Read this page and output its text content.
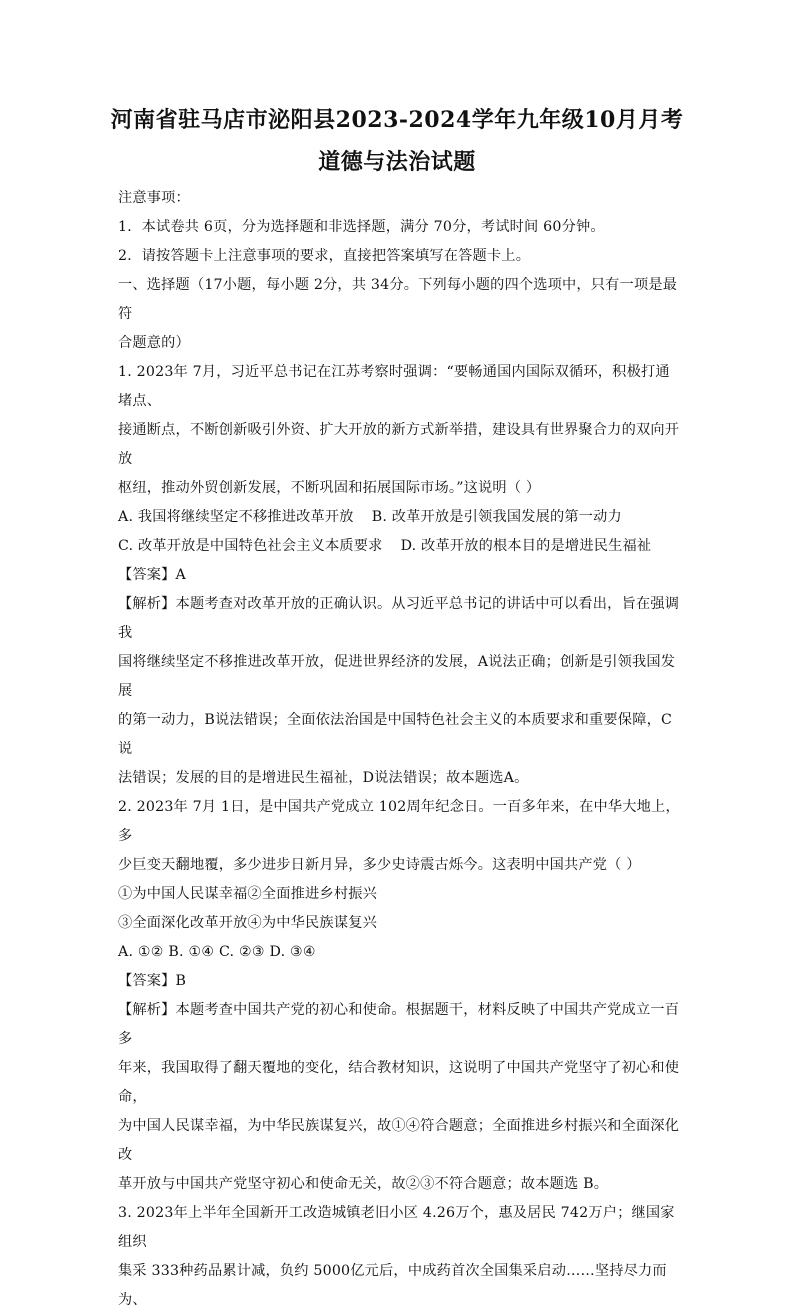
河南省驻马店市泌阳县2023-2024学年九年级10月月考
道德与法治试题

注意事项：

1．本试卷共 6页，分为选择题和非选择题，满分 70分，考试时间 60分钟。

2．请按答题卡上注意事项的要求，直接把答案填写在答题卡上。

一、选择题（17小题，每小题 2分，共 34分。下列每小题的四个选项中，只有一项是最符

合题意的）

1. 2023年 7月，习近平总书记在江苏考察时强调：“要畅通国内国际双循环，积极打通堵点、

接通断点，不断创新吸引外资、扩大开放的新方式新举措，建设具有世界聚合力的双向开放

枢纽，推动外贸创新发展，不断巩固和拓展国际市场。”这说明（ ）

A. 我国将继续坚定不移推进改革开放 B. 改革开放是引领我国发展的第一动力

C. 改革开放是中国特色社会主义本质要求 D. 改革开放的根本目的是增进民生福祉

【答案】A

【解析】本题考查对改革开放的正确认识。从习近平总书记的讲话中可以看出，旨在强调我

国将继续坚定不移推进改革开放，促进世界经济的发展，A说法正确；创新是引领我国发展

的第一动力，B说法错误；全面依法治国是中国特色社会主义的本质要求和重要保障，C说

法错误；发展的目的是增进民生福祉，D说法错误；故本题选A。

2. 2023年 7月 1日，是中国共产党成立 102周年纪念日。一百多年来，在中华大地上，多

少巨变天翻地覆，多少进步日新月异，多少史诗震古烁今。这表明中国共产党（ ）

①为中国人民谋幸福②全面推进乡村振兴

③全面深化改革开放④为中华民族谋复兴

A. ①② B. ①④ C. ②③ D. ③④

【答案】B

【解析】本题考查中国共产党的初心和使命。根据题干，材料反映了中国共产党成立一百多

年来，我国取得了翻天覆地的变化，结合教材知识，这说明了中国共产党坚守了初心和使命，

为中国人民谋幸福，为中华民族谋复兴，故①④符合题意；全面推进乡村振兴和全面深化改

革开放与中国共产党坚守初心和使命无关，故②③不符合题意；故本题选 B。

3. 2023年上半年全国新开工改造城镇老旧小区 4.26万个，惠及居民 742万户；继国家组织

集采 333种药品累计减，负约 5000亿元后，中成药首次全国集采启动……坚持尽力而为、
